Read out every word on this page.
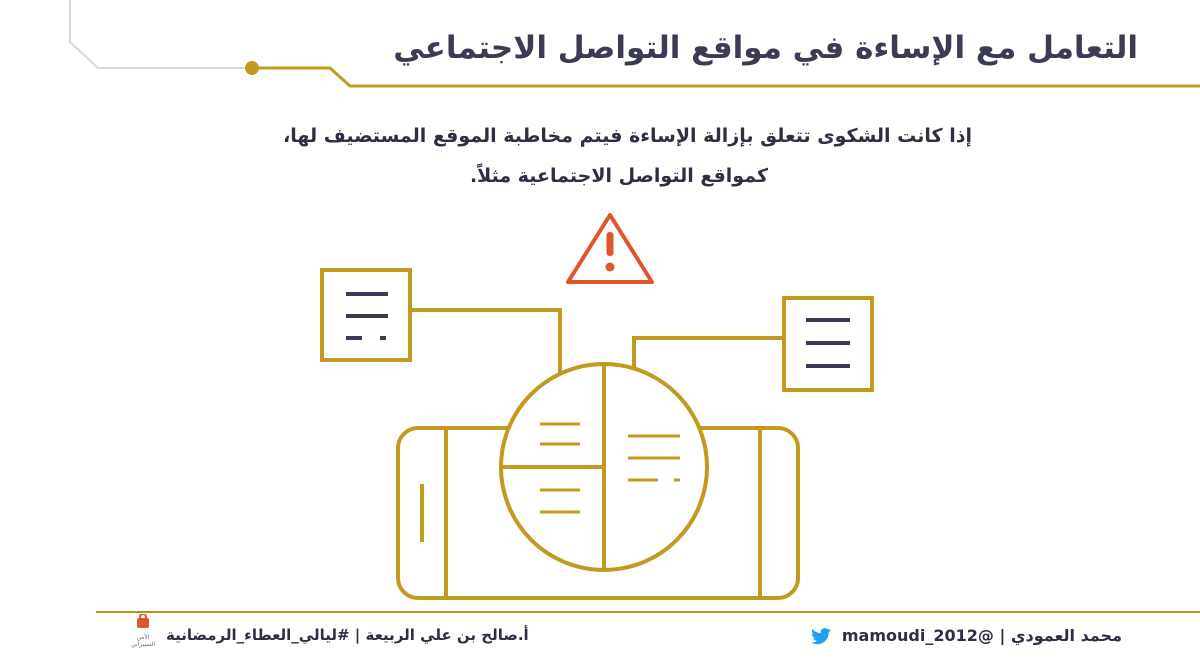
التعامل مع الإساءة في مواقع التواصل الاجتماعي

إذا كانت الشكوى تتعلق بإزالة الإساءة فيتم مخاطبة الموقع المستضيف لها،
كمواقع التواصل الاجتماعية مثلاً.

محمد العمودي | @mamoudi_2012
أ.صالح بن علي الربيعة | #ليالي_العطاء_الرمضانية
الأمن
السيبراني
